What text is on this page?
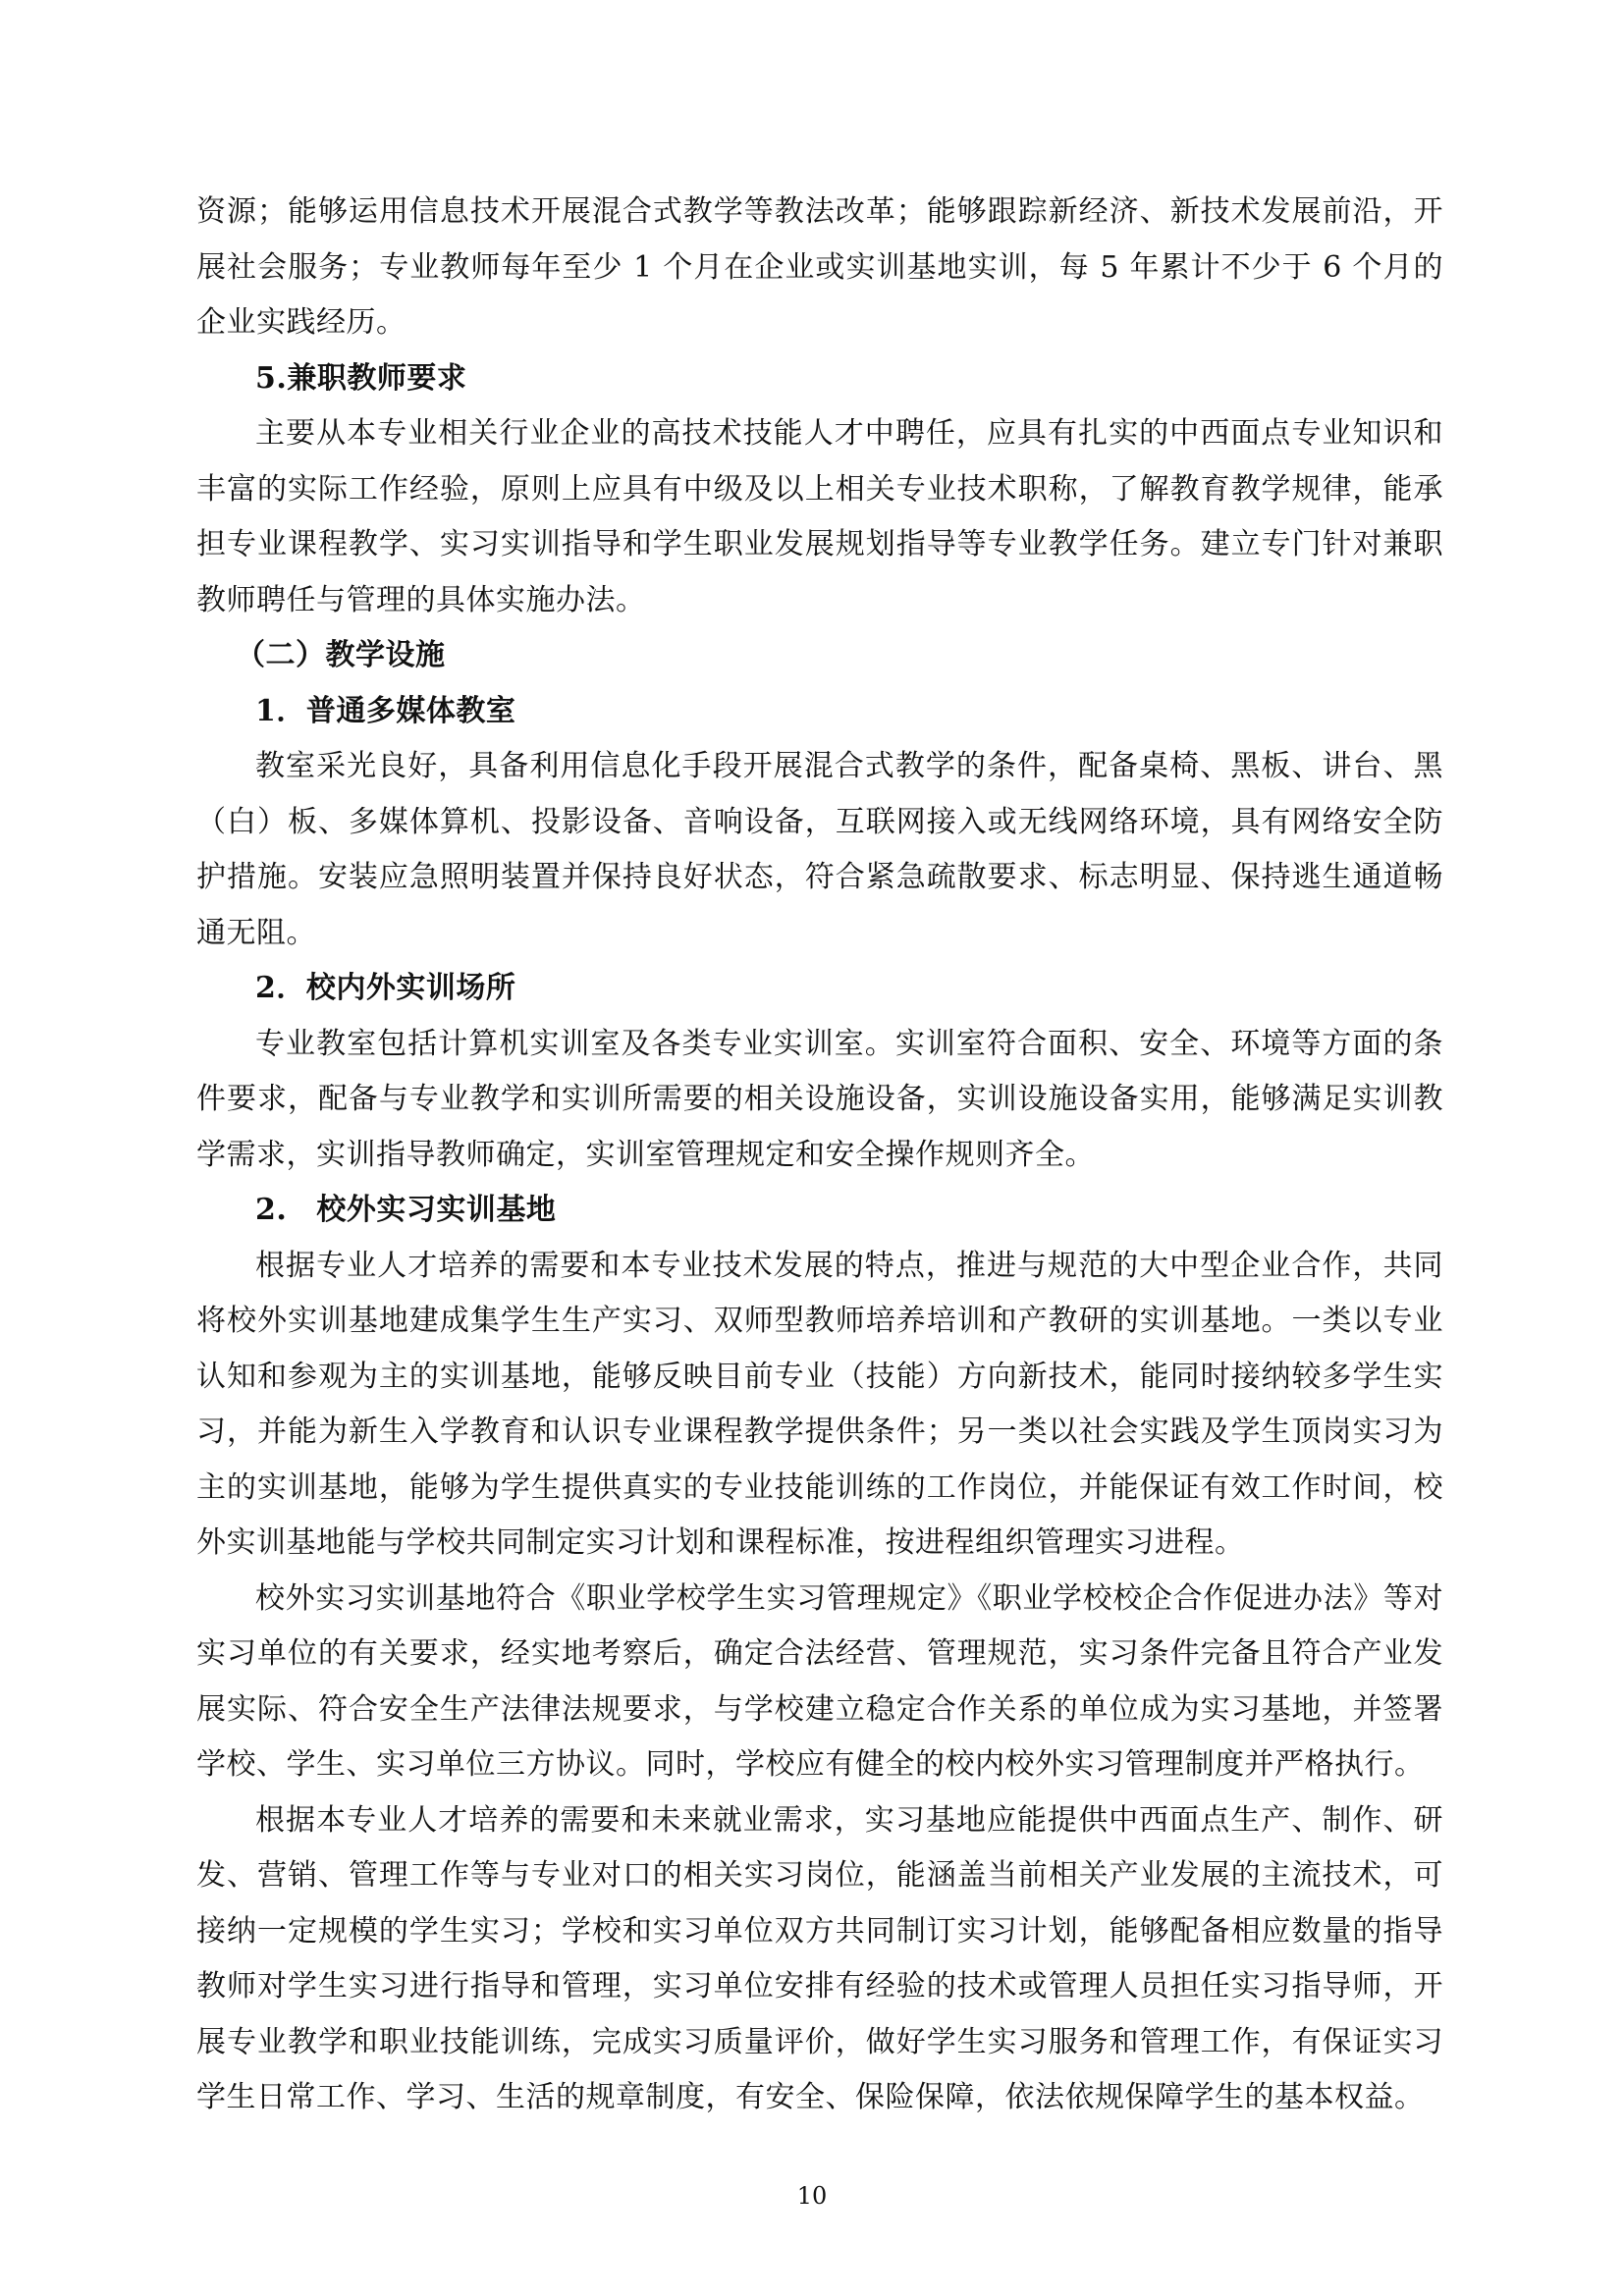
资源；能够运用信息技术开展混合式教学等教法改革；能够跟踪新经济、新技术发展前沿，开展社会服务；专业教师每年至少 1 个月在企业或实训基地实训，每 5 年累计不少于 6 个月的企业实践经历。

5.兼职教师要求

主要从本专业相关行业企业的高技术技能人才中聘任，应具有扎实的中西面点专业知识和丰富的实际工作经验，原则上应具有中级及以上相关专业技术职称，了解教育教学规律，能承担专业课程教学、实习实训指导和学生职业发展规划指导等专业教学任务。建立专门针对兼职教师聘任与管理的具体实施办法。

（二）教学设施

1．普通多媒体教室

教室采光良好，具备利用信息化手段开展混合式教学的条件，配备桌椅、黑板、讲台、黑（白）板、多媒体算机、投影设备、音响设备，互联网接入或无线网络环境，具有网络安全防护措施。安装应急照明装置并保持良好状态，符合紧急疏散要求、标志明显、保持逃生通道畅通无阻。

2．校内外实训场所

专业教室包括计算机实训室及各类专业实训室。实训室符合面积、安全、环境等方面的条件要求，配备与专业教学和实训所需要的相关设施设备，实训设施设备实用，能够满足实训教学需求，实训指导教师确定，实训室管理规定和安全操作规则齐全。

2. 校外实习实训基地

根据专业人才培养的需要和本专业技术发展的特点，推进与规范的大中型企业合作，共同将校外实训基地建成集学生生产实习、双师型教师培养培训和产教研的实训基地。一类以专业认知和参观为主的实训基地，能够反映目前专业（技能）方向新技术，能同时接纳较多学生实习，并能为新生入学教育和认识专业课程教学提供条件；另一类以社会实践及学生顶岗实习为主的实训基地，能够为学生提供真实的专业技能训练的工作岗位，并能保证有效工作时间，校外实训基地能与学校共同制定实习计划和课程标准，按进程组织管理实习进程。

校外实习实训基地符合《职业学校学生实习管理规定》《职业学校校企合作促进办法》等对实习单位的有关要求，经实地考察后，确定合法经营、管理规范，实习条件完备且符合产业发展实际、符合安全生产法律法规要求，与学校建立稳定合作关系的单位成为实习基地，并签署学校、学生、实习单位三方协议。同时，学校应有健全的校内校外实习管理制度并严格执行。

根据本专业人才培养的需要和未来就业需求，实习基地应能提供中西面点生产、制作、研发、营销、管理工作等与专业对口的相关实习岗位，能涵盖当前相关产业发展的主流技术，可接纳一定规模的学生实习；学校和实习单位双方共同制订实习计划，能够配备相应数量的指导教师对学生实习进行指导和管理，实习单位安排有经验的技术或管理人员担任实习指导师，开展专业教学和职业技能训练，完成实习质量评价，做好学生实习服务和管理工作，有保证实习学生日常工作、学习、生活的规章制度，有安全、保险保障，依法依规保障学生的基本权益。

10
